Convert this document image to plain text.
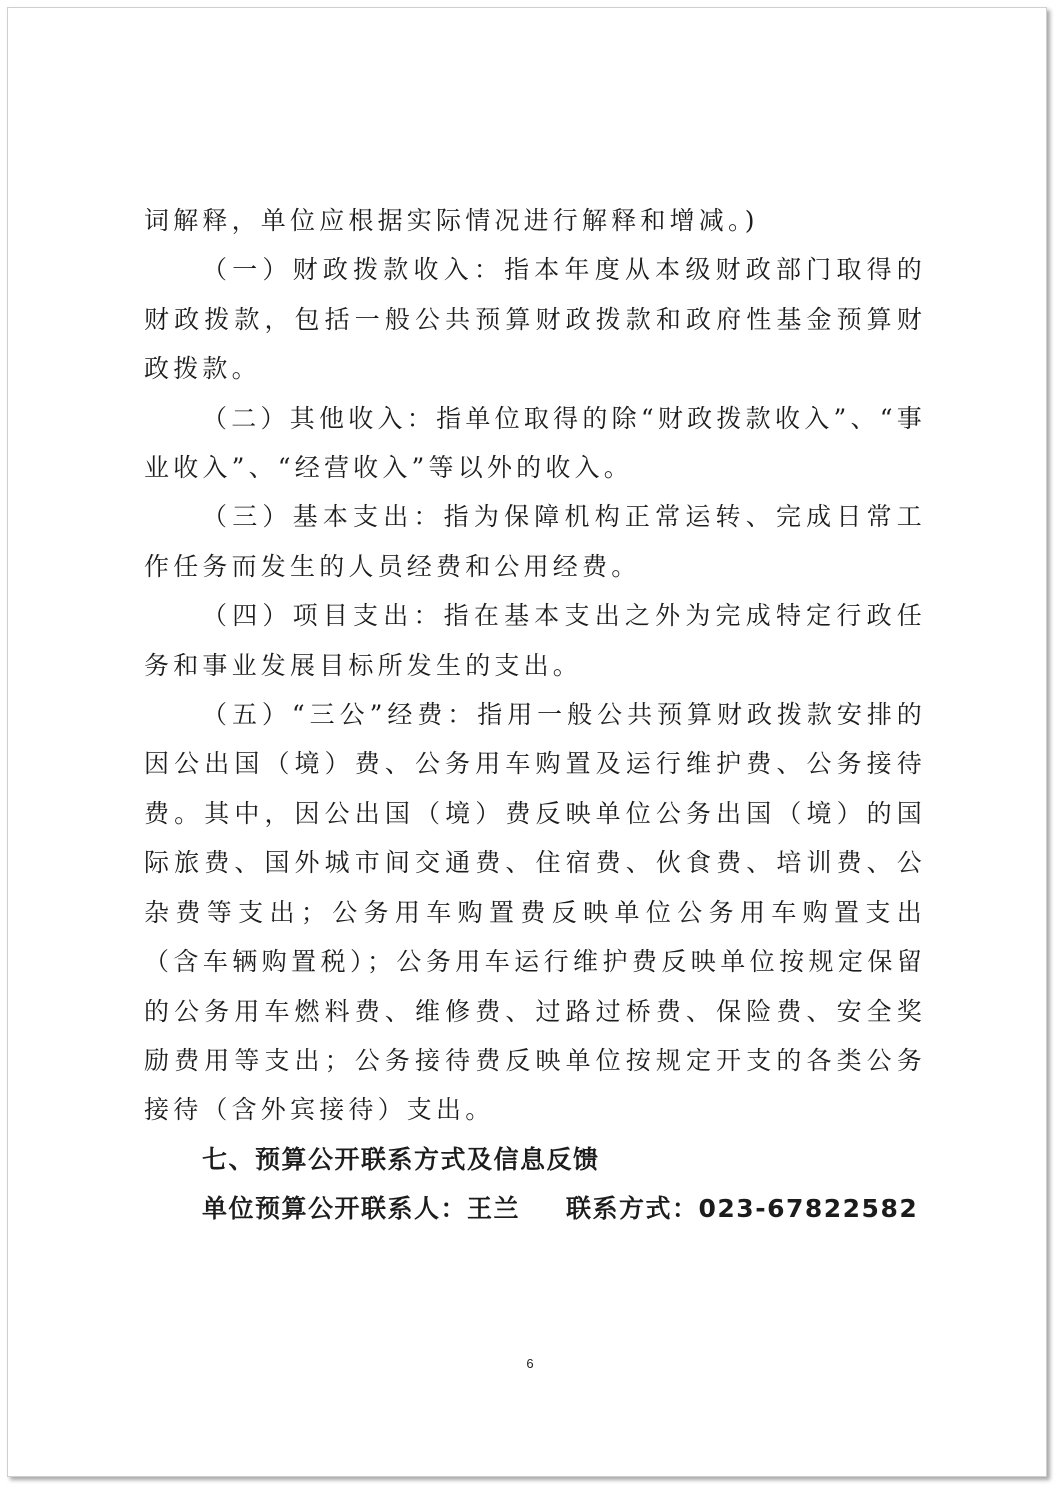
词解释，单位应根据实际情况进行解释和增减。)

（一）财政拨款收入：指本年度从本级财政部门取得的财政拨款，包括一般公共预算财政拨款和政府性基金预算财政拨款。

（二）其他收入：指单位取得的除“财政拨款收入”、“事业收入”、“经营收入”等以外的收入。

（三）基本支出：指为保障机构正常运转、完成日常工作任务而发生的人员经费和公用经费。

（四）项目支出：指在基本支出之外为完成特定行政任务和事业发展目标所发生的支出。

（五）“三公”经费：指用一般公共预算财政拨款安排的因公出国（境）费、公务用车购置及运行维护费、公务接待费。其中，因公出国（境）费反映单位公务出国（境）的国际旅费、国外城市间交通费、住宿费、伙食费、培训费、公杂费等支出；公务用车购置费反映单位公务用车购置支出（含车辆购置税）；公务用车运行维护费反映单位按规定保留的公务用车燃料费、维修费、过路过桥费、保险费、安全奖励费用等支出；公务接待费反映单位按规定开支的各类公务接待（含外宾接待）支出。

七、预算公开联系方式及信息反馈

单位预算公开联系人：王兰 联系方式：023-67822582

6
